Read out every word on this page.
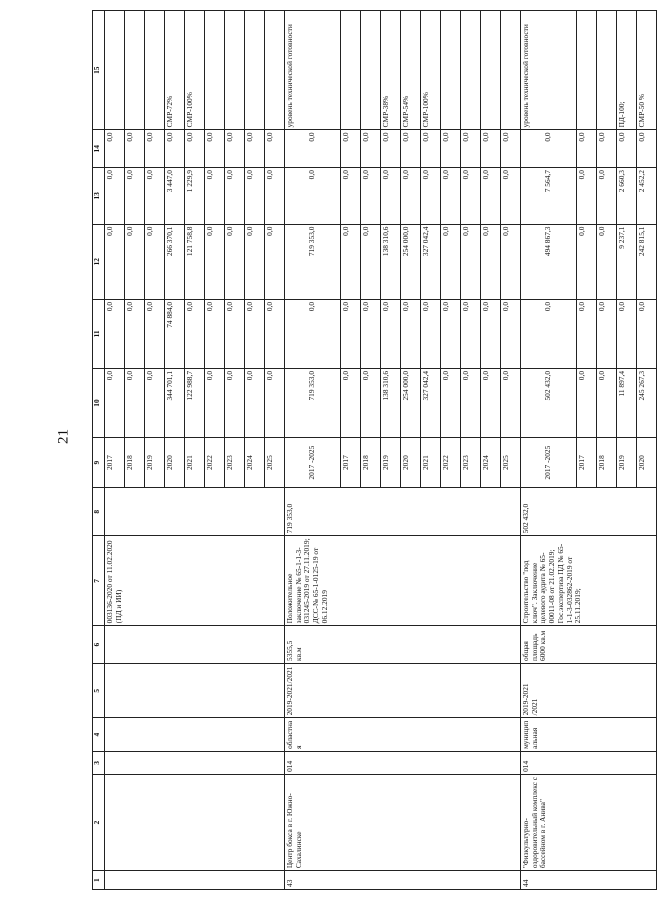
21
1	2	3	4	5	6	7	8	9	10	11	12	13	14	15
						003136-2020 от 11.02.2020 (ПД и ИИ)		2017	0,0	0,0	0,0	0,0	0,0	
								2018	0,0	0,0	0,0	0,0	0,0	
								2019	0,0	0,0	0,0	0,0	0,0	
								2020	344 701,1	74 884,0	266 370,1	3 447,0	0,0	СМР-72%
								2021	122 988,7	0,0	121 758,8	1 229,9	0,0	СМР-100%
								2022	0,0	0,0	0,0	0,0	0,0	
								2023	0,0	0,0	0,0	0,0	0,0	
								2024	0,0	0,0	0,0	0,0	0,0	
								2025	0,0	0,0	0,0	0,0	0,0	
43	Центр бокса в г. Южно-Сахалинске	014	областная	2019-2021/2021	5355,5 кв.м	Положительное заключение № 65-1-1-3-031245-2019 от 27.11.2019; ДСС-№ 65-1-0125-19 от 06.12.2019	719 353,0	2017 -2025	719 353,0	0,0	719 353,0	0,0	0,0	уровень технической готовности
								2017	0,0	0,0	0,0	0,0	0,0	
								2018	0,0	0,0	0,0	0,0	0,0	
								2019	138 310,6	0,0	138 310,6	0,0	0,0	СМР-38%
								2020	254 000,0	0,0	254 000,0	0,0	0,0	СМР-54%
								2021	327 042,4	0,0	327 042,4	0,0	0,0	СМР-100%
								2022	0,0	0,0	0,0	0,0	0,0	
								2023	0,0	0,0	0,0	0,0	0,0	
								2024	0,0	0,0	0,0	0,0	0,0	
								2025	0,0	0,0	0,0	0,0	0,0	
44	"Физкультурно-оздоровительный комплекс с бассейном в г. Анива"	014	муниципальная	2019-2021 /2021	общая площадь 6000 кв.м	Строительство "под ключ". Заключение целевого аудита № 65-00011-08 от 21.02.2019; Гос.экспертиза ПД № 65-1-1-3-032862-2019 от 25.11.2019;	502 432,0	2017 -2025	502 432,0	0,0	494 867,3	7 564,7	0,0	уровень технической готовности
								2017	0,0	0,0	0,0	0,0	0,0	
								2018	0,0	0,0	0,0	0,0	0,0	
								2019	11 897,4	0,0	9 237,1	2 660,3	0,0	ПД-100;
								2020	245 267,3	0,0	242 815,1	2 452,2	0,0	СМР-50 %
